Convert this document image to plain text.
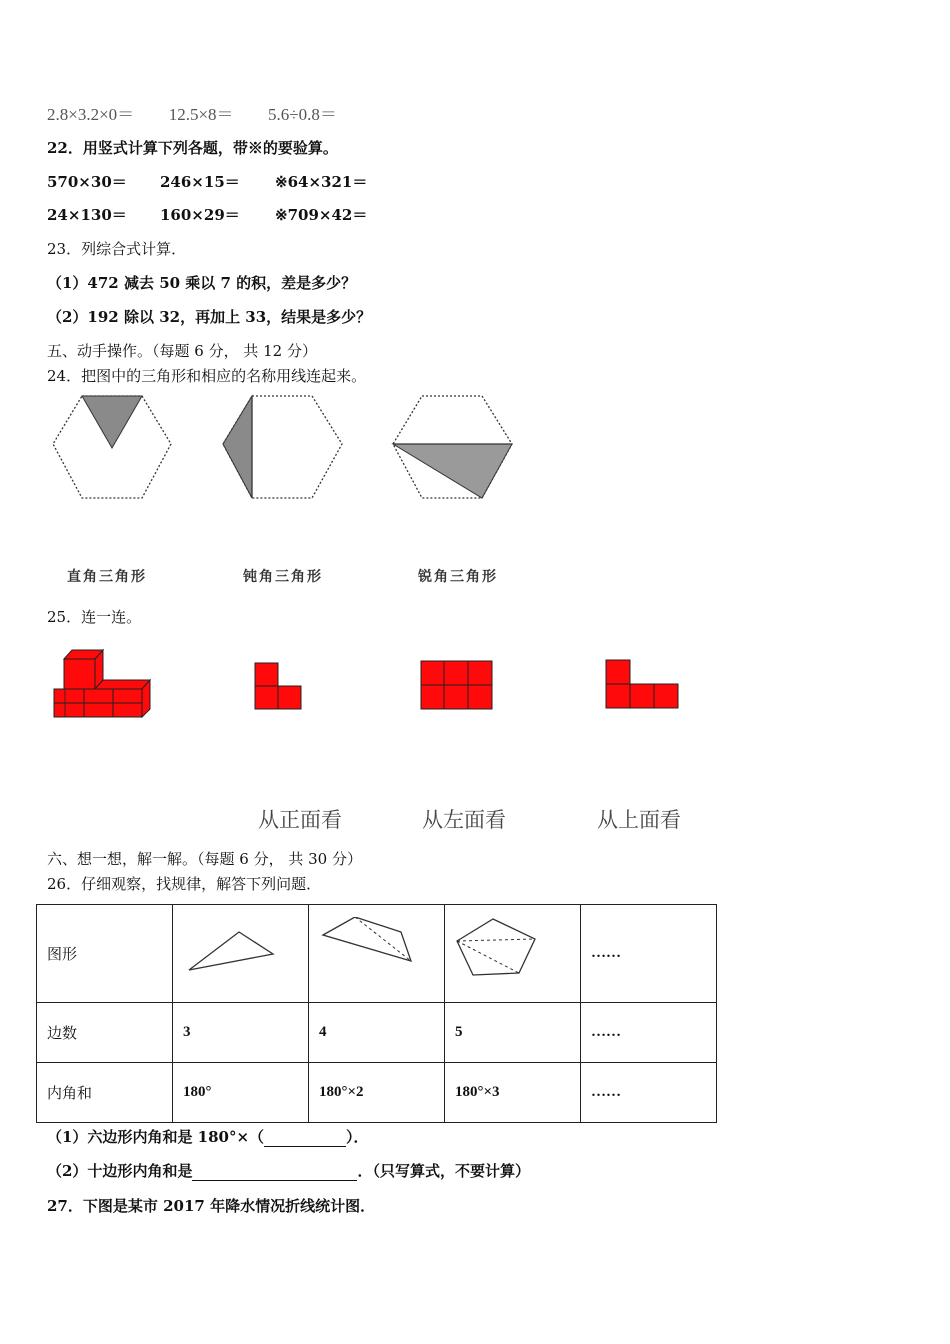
2.8×3.2×0＝ 12.5×8＝ 5.6÷0.8＝
22．用竖式计算下列各题，带※的要验算。
570×30＝ 246×15＝ ※64×321＝
24×130＝ 160×29＝ ※709×42＝
23．列综合式计算．
（1）472 减去 50 乘以 7 的积，差是多少？
（2）192 除以 32，再加上 33，结果是多少？
五、动手操作。（每题 6 分， 共 12 分）
24．把图中的三角形和相应的名称用线连起来。
直角三角形	钝角三角形	锐角三角形
25．连一连。
从正面看	从左面看	从上面看
六、想一想，解一解。（每题 6 分， 共 30 分）
26．仔细观察，找规律，解答下列问题．
图形				……
边数	3	4	5	……
内角和	180°	180°×2	180°×3	……
（1）六边形内角和是 180°×（	）．
（2）十边形内角和是	．（只写算式，不要计算）
27．下图是某市 2017 年降水情况折线统计图．
